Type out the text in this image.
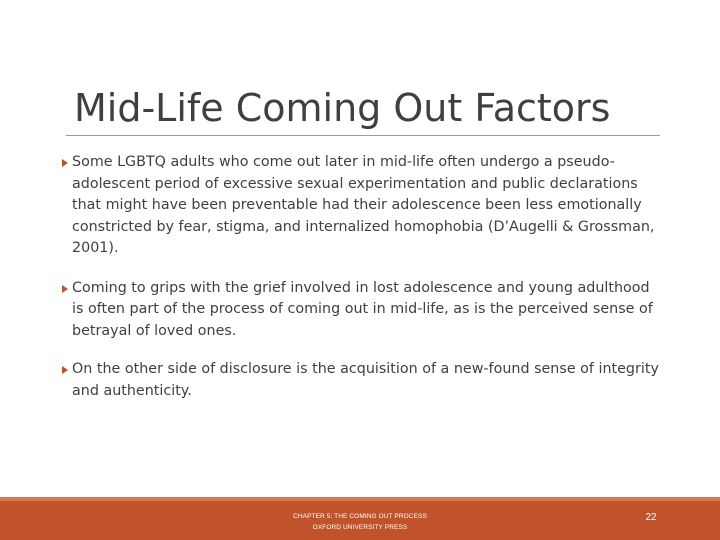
Mid-Life Coming Out Factors
Some LGBTQ adults who come out later in mid-life often undergo a pseudo-adolescent period of excessive sexual experimentation and public declarations that might have been preventable had their adolescence been less emotionally constricted by fear, stigma, and internalized homophobia (D’Augelli & Grossman, 2001).
Coming to grips with the grief involved in lost adolescence and young adulthood is often part of the process of coming out in mid-life, as is the perceived sense of betrayal of loved ones.
On the other side of disclosure is the acquisition of a new-found sense of integrity and authenticity.
CHAPTER 5: THE COMING OUT PROCESS
OXFORD UNIVERSITY PRESS
22
